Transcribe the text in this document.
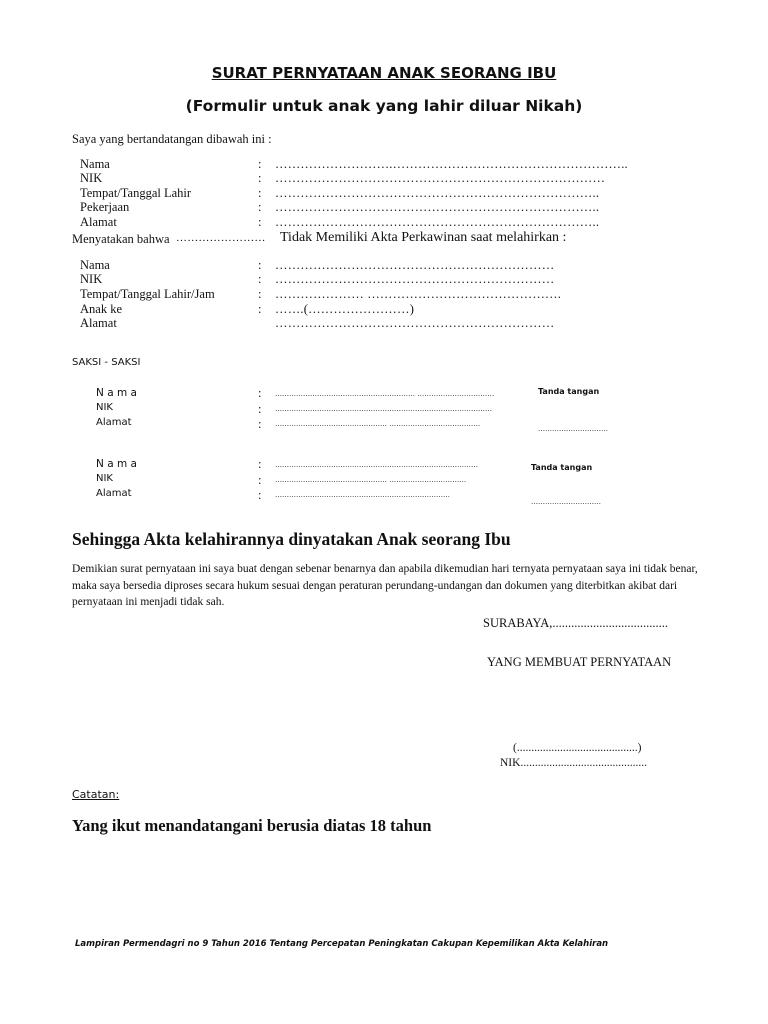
SURAT PERNYATAAN ANAK SEORANG IBU
(Formulir untuk anak yang lahir diluar Nikah)
Saya yang bertandatangan dibawah ini :
Nama	: ……………………….………………………………………………..
NIK	: ……………………………………………………………………
Tempat/Tanggal Lahir	: …………………………………………………………………..
Pekerjaan	: …………………………………………………………………..
Alamat	: …………………………………………………………………..
Menyatakan bahwa …………………… Tidak Memiliki Akta Perkawinan saat melahirkan :
Nama	: …………………………………………………………
NIK	: …………………………………………………………
Tempat/Tanggal Lahir/Jam	: ………………… ……………………………………….
Anak ke	: …….(……………………)
Alamat	…………………………………………………………
SAKSI - SAKSI
N a m a	: …………………………………………………… ……………………………	Tanda tangan
NIK	: …………………………………………………………………………………
Alamat	: ………………………………………… …………………………………
…………………………
N a m a	: ……………………………………………………………………………	Tanda tangan
NIK	: ………………………………………… ……………………………
Alamat	: …………………………………………………………………
…………………………
Sehingga Akta kelahirannya dinyatakan Anak seorang Ibu
Demikian surat pernyataan ini saya buat dengan sebenar benarnya dan apabila dikemudian hari ternyata pernyataan saya ini tidak benar, maka saya bersedia diproses secara hukum sesuai dengan peraturan perundang-undangan dan dokumen yang diterbitkan akibat dari pernyataan ini menjadi tidak sah.
SURABAYA,.....................................
YANG MEMBUAT PERNYATAAN
(..........................................)
NIK............................................
Catatan:
Yang ikut menandatangani berusia diatas 18 tahun
Lampiran Permendagri no 9 Tahun 2016 Tentang Percepatan Peningkatan Cakupan Kepemilikan Akta Kelahiran
